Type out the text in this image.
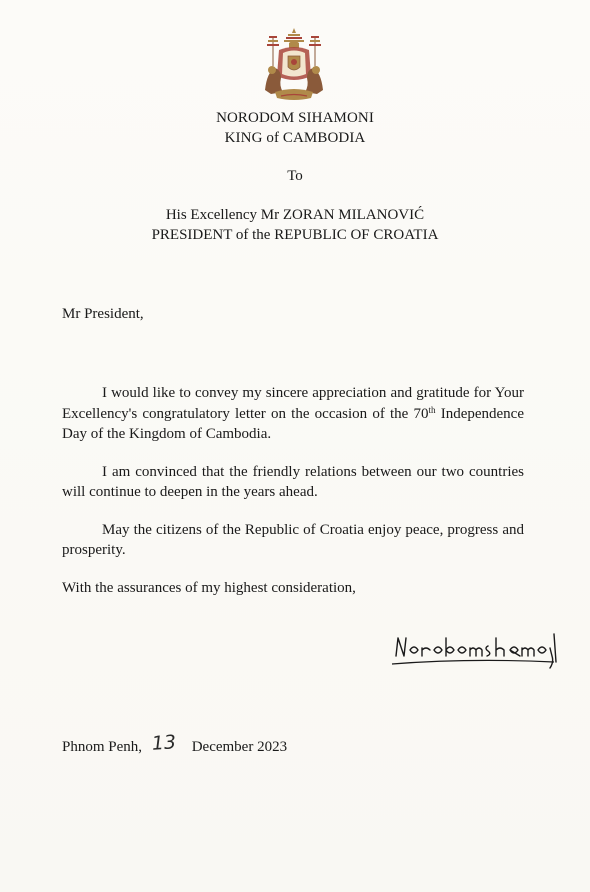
NORODOM SIHAMONI
KING of CAMBODIA
To
His Excellency Mr ZORAN MILANOVIĆ
PRESIDENT of the REPUBLIC OF CROATIA
Mr President,

I would like to convey my sincere appreciation and gratitude for Your Excellency's congratulatory letter on the occasion of the 70th Independence Day of the Kingdom of Cambodia.

I am convinced that the friendly relations between our two countries will continue to deepen in the years ahead.

May the citizens of the Republic of Croatia enjoy peace, progress and prosperity.

With the assurances of my highest consideration,

Phnom Penh, 13 December 2023
